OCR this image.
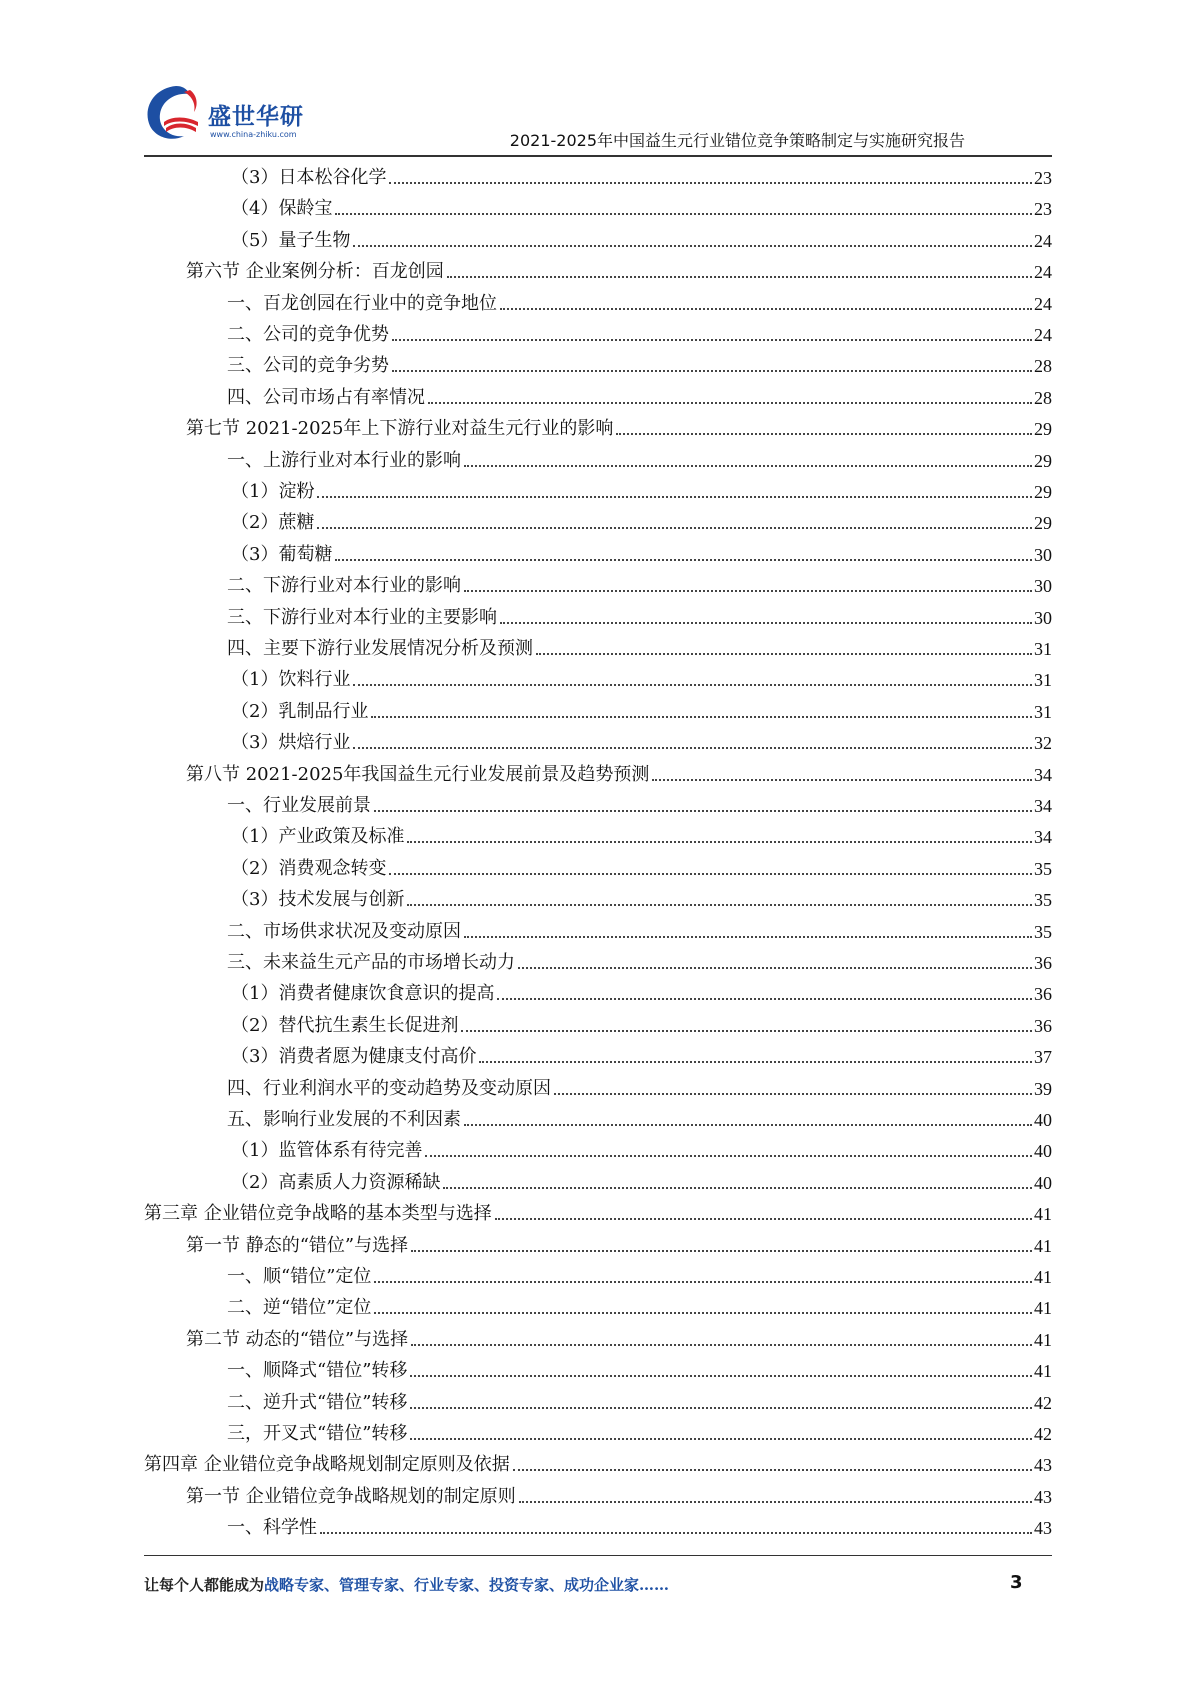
盛世华研
www.china-zhiku.com	2021-2025年中国益生元行业错位竞争策略制定与实施研究报告
（3）日本松谷化学	23
（4）保龄宝	23
（5）量子生物	24
第六节 企业案例分析：百龙创园	24
一、百龙创园在行业中的竞争地位	24
二、公司的竞争优势	24
三、公司的竞争劣势	28
四、公司市场占有率情况	28
第七节 2021-2025年上下游行业对益生元行业的影响	29
一、上游行业对本行业的影响	29
（1）淀粉	29
（2）蔗糖	29
（3）葡萄糖	30
二、下游行业对本行业的影响	30
三、下游行业对本行业的主要影响	30
四、主要下游行业发展情况分析及预测	31
（1）饮料行业	31
（2）乳制品行业	31
（3）烘焙行业	32
第八节 2021-2025年我国益生元行业发展前景及趋势预测	34
一、行业发展前景	34
（1）产业政策及标准	34
（2）消费观念转变	35
（3）技术发展与创新	35
二、市场供求状况及变动原因	35
三、未来益生元产品的市场增长动力	36
（1）消费者健康饮食意识的提高	36
（2）替代抗生素生长促进剂	36
（3）消费者愿为健康支付高价	37
四、行业利润水平的变动趋势及变动原因	39
五、影响行业发展的不利因素	40
（1）监管体系有待完善	40
（2）高素质人力资源稀缺	40
第三章 企业错位竞争战略的基本类型与选择	41
第一节 静态的“错位”与选择	41
一、顺“错位”定位	41
二、逆“错位”定位	41
第二节 动态的“错位”与选择	41
一、顺降式“错位”转移	41
二、逆升式“错位”转移	42
三，开叉式“错位”转移	42
第四章 企业错位竞争战略规划制定原则及依据	43
第一节 企业错位竞争战略规划的制定原则	43
一、科学性	43
让每个人都能成为战略专家、管理专家、行业专家、投资专家、成功企业家……	3
